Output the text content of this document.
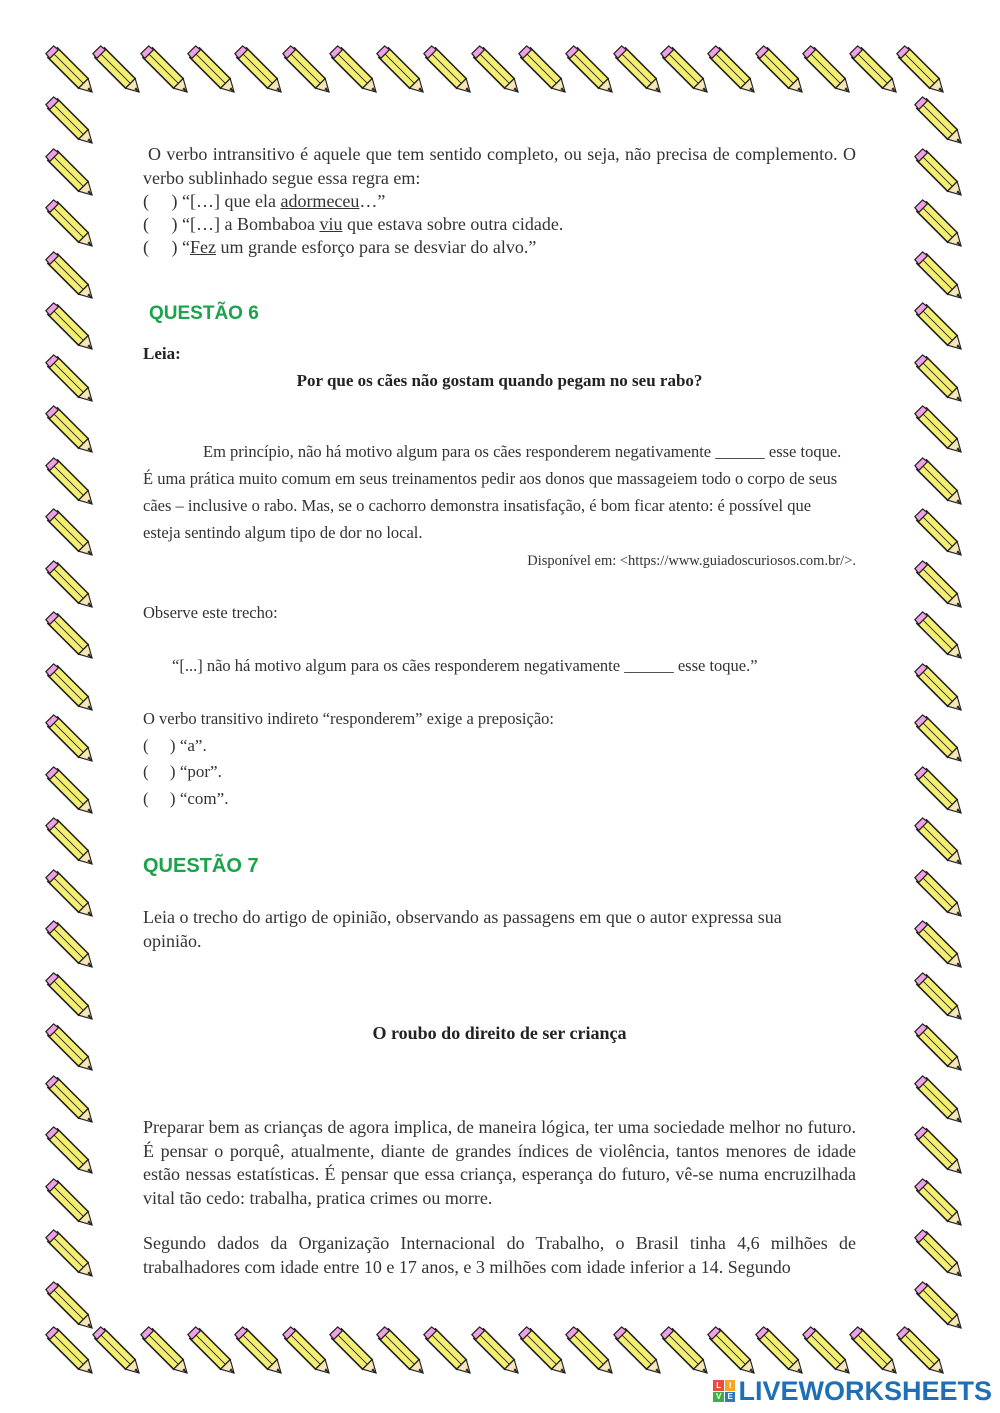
O verbo intransitivo é aquele que tem sentido completo, ou seja, não precisa de complemento. O verbo sublinhado segue essa regra em:

(     ) “[…] que ela adormeceu…”
(     ) “[…] a Bombaboa viu que estava sobre outra cidade.
(     ) “Fez um grande esforço para se desviar do alvo.”
QUESTÃO 6
Leia:
Por que os cães não gostam quando pegam no seu rabo?

Em princípio, não há motivo algum para os cães responderem negativamente ______ esse toque. É uma prática muito comum em seus treinamentos pedir aos donos que massageiem todo o corpo de seus cães – inclusive o rabo. Mas, se o cachorro demonstra insatisfação, é bom ficar atento: é possível que esteja sentindo algum tipo de dor no local.

Disponível em: <https://www.guiadoscuriosos.com.br/>.
Observe este trecho:
“[...] não há motivo algum para os cães responderem negativamente ______ esse toque.”
O verbo transitivo indireto “responderem” exige a preposição:
(     ) “a”.
(     ) “por”.
(     ) “com”.
QUESTÃO 7

Leia o trecho do artigo de opinião, observando as passagens em que o autor expressa sua opinião.

O roubo do direito de ser criança

Preparar bem as crianças de agora implica, de maneira lógica, ter uma sociedade melhor no futuro. É pensar o porquê, atualmente, diante de grandes índices de violência, tantos menores de idade estão nessas estatísticas. É pensar que essa criança, esperança do futuro, vê-se numa encruzilhada vital tão cedo: trabalha, pratica crimes ou morre.

Segundo dados da Organização Internacional do Trabalho, o Brasil tinha 4,6 milhões de trabalhadores com idade entre 10 e 17 anos, e 3 milhões com idade inferior a 14. Segundo

L I
V E LIVEWORKSHEETS
